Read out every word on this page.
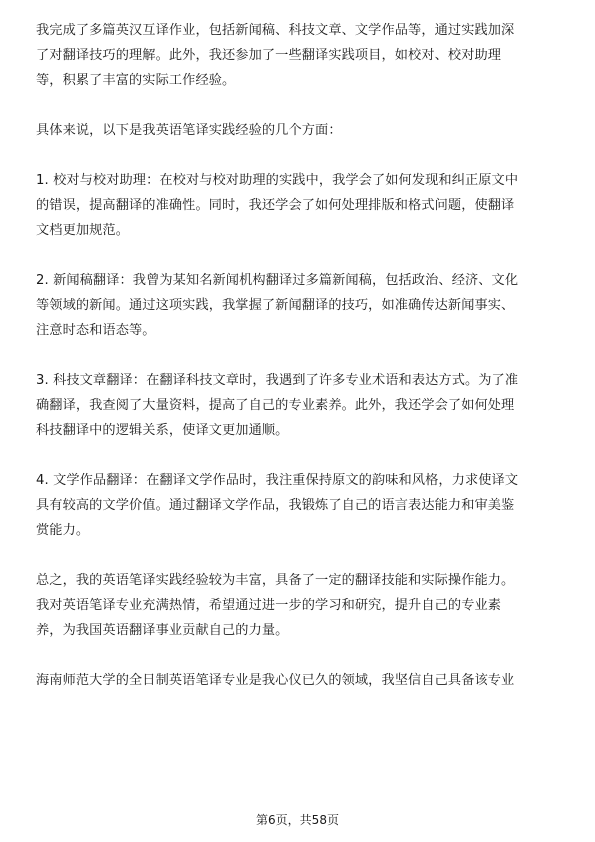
我完成了多篇英汉互译作业，包括新闻稿、科技文章、文学作品等，通过实践加深
了对翻译技巧的理解。此外，我还参加了一些翻译实践项目，如校对、校对助理
等，积累了丰富的实际工作经验。

具体来说，以下是我英语笔译实践经验的几个方面：

1. 校对与校对助理：在校对与校对助理的实践中，我学会了如何发现和纠正原文中
的错误，提高翻译的准确性。同时，我还学会了如何处理排版和格式问题，使翻译
文档更加规范。

2. 新闻稿翻译：我曾为某知名新闻机构翻译过多篇新闻稿，包括政治、经济、文化
等领域的新闻。通过这项实践，我掌握了新闻翻译的技巧，如准确传达新闻事实、
注意时态和语态等。

3. 科技文章翻译：在翻译科技文章时，我遇到了许多专业术语和表达方式。为了准
确翻译，我查阅了大量资料，提高了自己的专业素养。此外，我还学会了如何处理
科技翻译中的逻辑关系，使译文更加通顺。

4. 文学作品翻译：在翻译文学作品时，我注重保持原文的韵味和风格，力求使译文
具有较高的文学价值。通过翻译文学作品，我锻炼了自己的语言表达能力和审美鉴
赏能力。

总之，我的英语笔译实践经验较为丰富，具备了一定的翻译技能和实际操作能力。
我对英语笔译专业充满热情，希望通过进一步的学习和研究，提升自己的专业素
养，为我国英语翻译事业贡献自己的力量。

海南师范大学的全日制英语笔译专业是我心仪已久的领域，我坚信自己具备该专业

第6页，共58页
